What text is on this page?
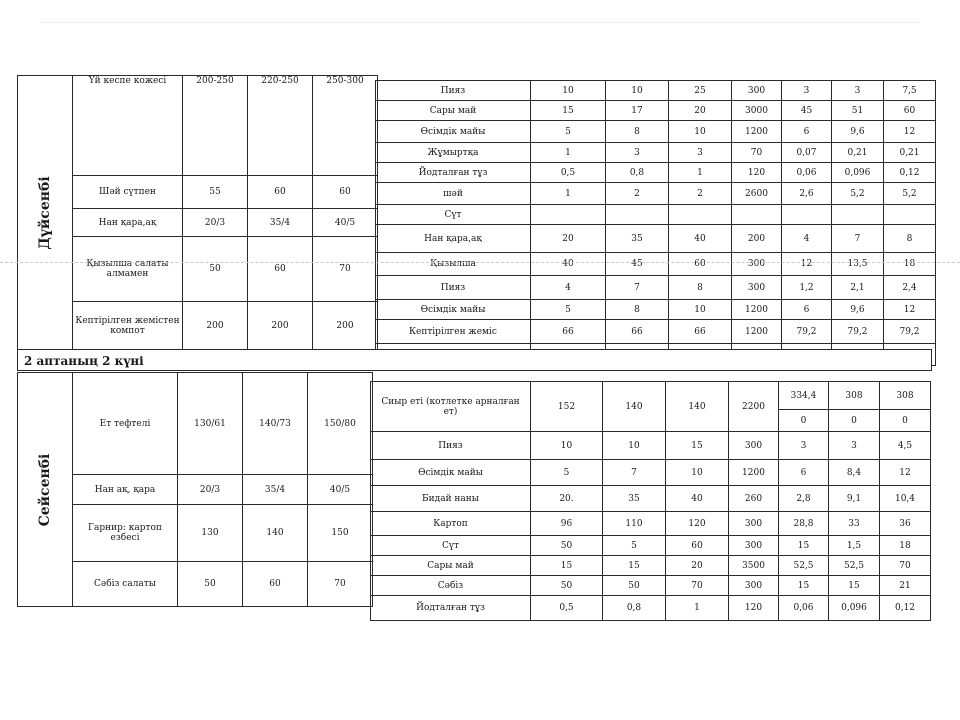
Дүйсенбі	Үй кеспе кожесі	200-250	220-250	250-300
	Шәй сүтпен	55	60	60
	Нан қара,ақ	20/3	35/4	40/5
	Қызылша салаты алмамен	50	60	70
	Кептірілген жемістен компот	200	200	200
Пияз	10	10	25	300	3	3	7,5
Сары май	15	17	20	3000	45	51	60
Өсімдік майы	5	8	10	1200	6	9,6	12
Жұмыртқа	1	3	3	70	0,07	0,21	0,21
Йодталған тұз	0,5	0,8	1	120	0,06	0,096	0,12
шәй	1	2	2	2600	2,6	5,2	5,2
Сүт							
Нан қара,ақ	20	35	40	200	4	7	8
Қызылша	40	45	60	300	12	13,5	18
Пияз	4	7	8	300	1,2	2,1	2,4
Өсімдік майы	5	8	10	1200	6	9,6	12
Кептірілген жеміс	66	66	66	1200	79,2	79,2	79,2

2 аптаның 2 күні
Сейсенбі	Ет тефтелі	130/61	140/73	150/80
	Нан ақ, қара	20/3	35/4	40/5
	Гарнир: картоп езбесі	130	140	150
	Сәбіз салаты	50	60	70
Сиыр еті (котлетке арналған ет)	152	140	140	2200	334,4	308	308
					0	0	0
Пияз	10	10	15	300	3	3	4,5
Өсімдік майы	5	7	10	1200	6	8,4	12
Бидай наны	20.	35	40	260	2,8	9,1	10,4
Картоп	96	110	120	300	28,8	33	36
Сүт	50	5	60	300	15	1,5	18
Сары май	15	15	20	3500	52,5	52,5	70
Сәбіз	50	50	70	300	15	15	21
Йодталған тұз	0,5	0,8	1	120	0,06	0,096	0,12
